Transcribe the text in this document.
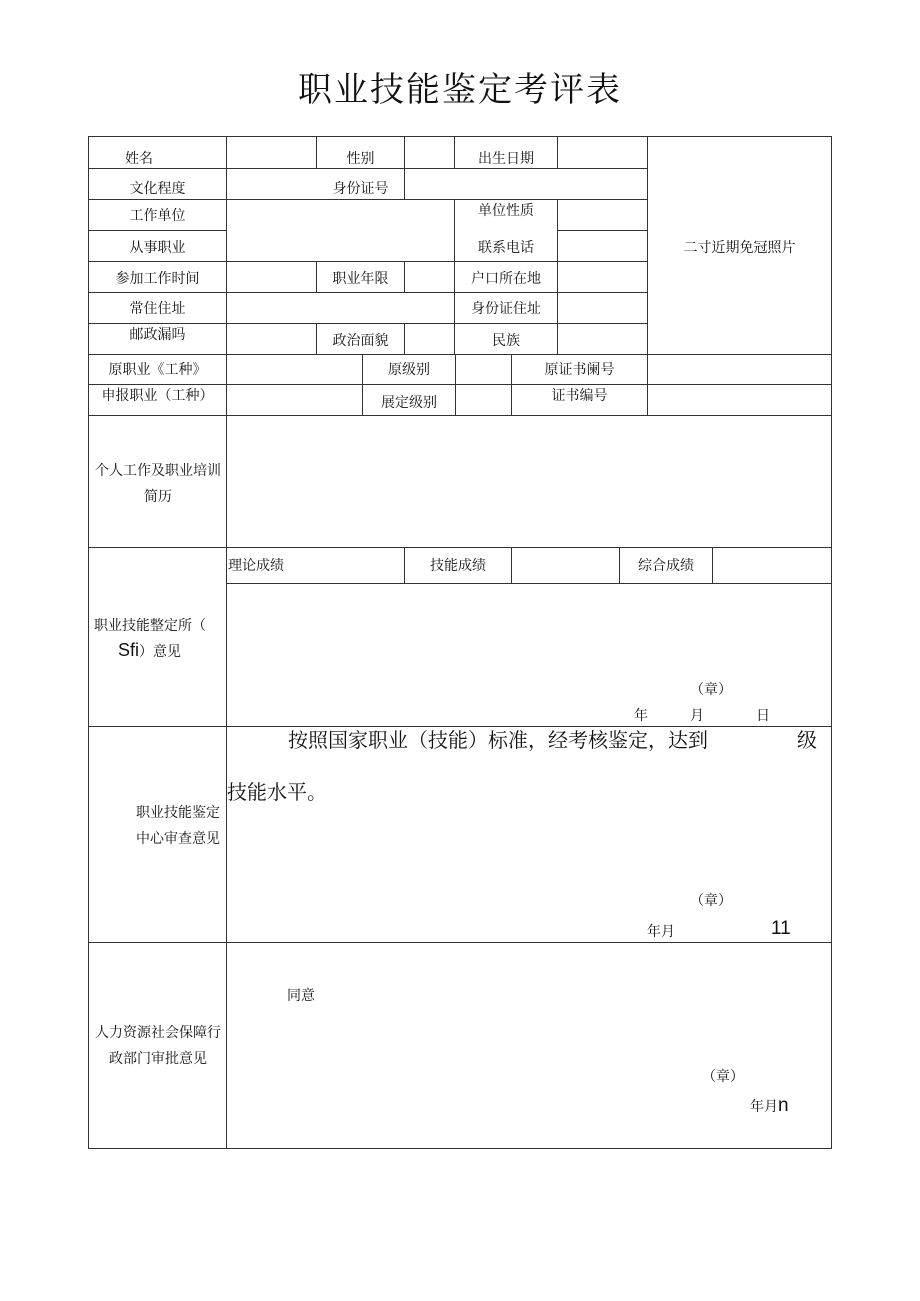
职业技能鉴定考评表
姓名	性别	出生日期
文化程度	身份证号
工作单位	单位性质
从事职业	联系电话
参加工作时间	职业年限	户口所在地
常住住址	身份证住址
邮政漏吗	政治面貌	民族
二寸近期免冠照片
原职业《工种》	原级别	原证书阑号
申报职业（工种）	展定级别	证书编号
个人工作及职业培训简历
理论成绩	技能成绩	综合成绩
职业技能整定所（
Sfi）意见
（章）
年	月	日
职业技能鉴定中心审查意见
按照国家职业（技能）标准，经考核鉴定，达到	级
技能水平。
（章）
年月	11
人力资源社会保障行政部门审批意见
同意
（章）
年月n
